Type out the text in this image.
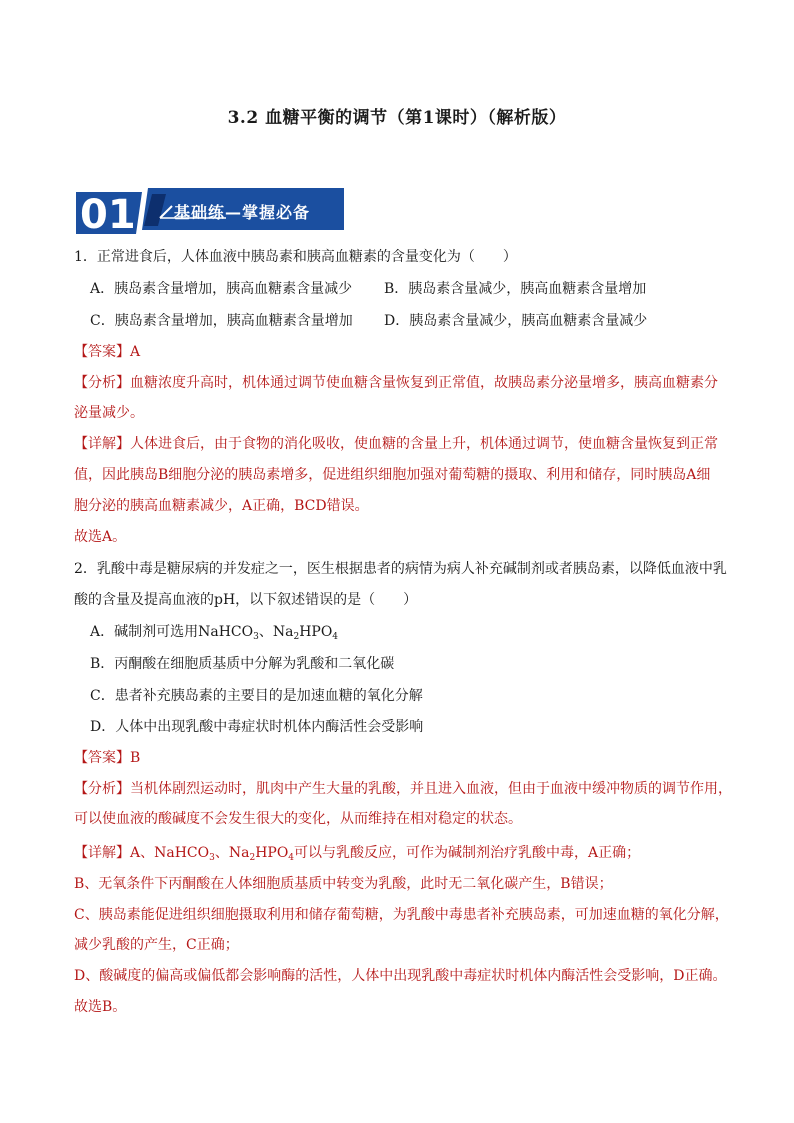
3.2 血糖平衡的调节（第1课时）（解析版）
01 基础练—掌握必备
1．正常进食后，人体血液中胰岛素和胰高血糖素的含量变化为（　　）
A．胰岛素含量增加，胰高血糖素含量减少 B．胰岛素含量减少，胰高血糖素含量增加
C．胰岛素含量增加，胰高血糖素含量增加 D．胰岛素含量减少，胰高血糖素含量减少
【答案】A
【分析】血糖浓度升高时，机体通过调节使血糖含量恢复到正常值，故胰岛素分泌量增多，胰高血糖素分
泌量减少。
【详解】人体进食后，由于食物的消化吸收，使血糖的含量上升，机体通过调节，使血糖含量恢复到正常
值，因此胰岛B细胞分泌的胰岛素增多，促进组织细胞加强对葡萄糖的摄取、利用和储存，同时胰岛A细
胞分泌的胰高血糖素减少，A正确，BCD错误。
故选A。
2．乳酸中毒是糖尿病的并发症之一，医生根据患者的病情为病人补充碱制剂或者胰岛素，以降低血液中乳
酸的含量及提高血液的pH，以下叙述错误的是（　　）
A．碱制剂可选用NaHCO$_3$、$Na_2HPO_4$
B．丙酮酸在细胞质基质中分解为乳酸和二氧化碳
C．患者补充胰岛素的主要目的是加速血糖的氧化分解
D．人体中出现乳酸中毒症状时机体内酶活性会受影响
【答案】B
【分析】当机体剧烈运动时，肌肉中产生大量的乳酸，并且进入血液，但由于血液中缓冲物质的调节作用，
可以使血液的酸碱度不会发生很大的变化，从而维持在相对稳定的状态。
【详解】A、NaHCO$_3$、$Na_2HPO_4$可以与乳酸反应，可作为碱制剂治疗乳酸中毒，A正确；
B、无氧条件下丙酮酸在人体细胞质基质中转变为乳酸，此时无二氧化碳产生，B错误；
C、胰岛素能促进组织细胞摄取利用和储存葡萄糖，为乳酸中毒患者补充胰岛素，可加速血糖的氧化分解，
减少乳酸的产生，C正确；
D、酸碱度的偏高或偏低都会影响酶的活性，人体中出现乳酸中毒症状时机体内酶活性会受影响，D正确。
故选B。
